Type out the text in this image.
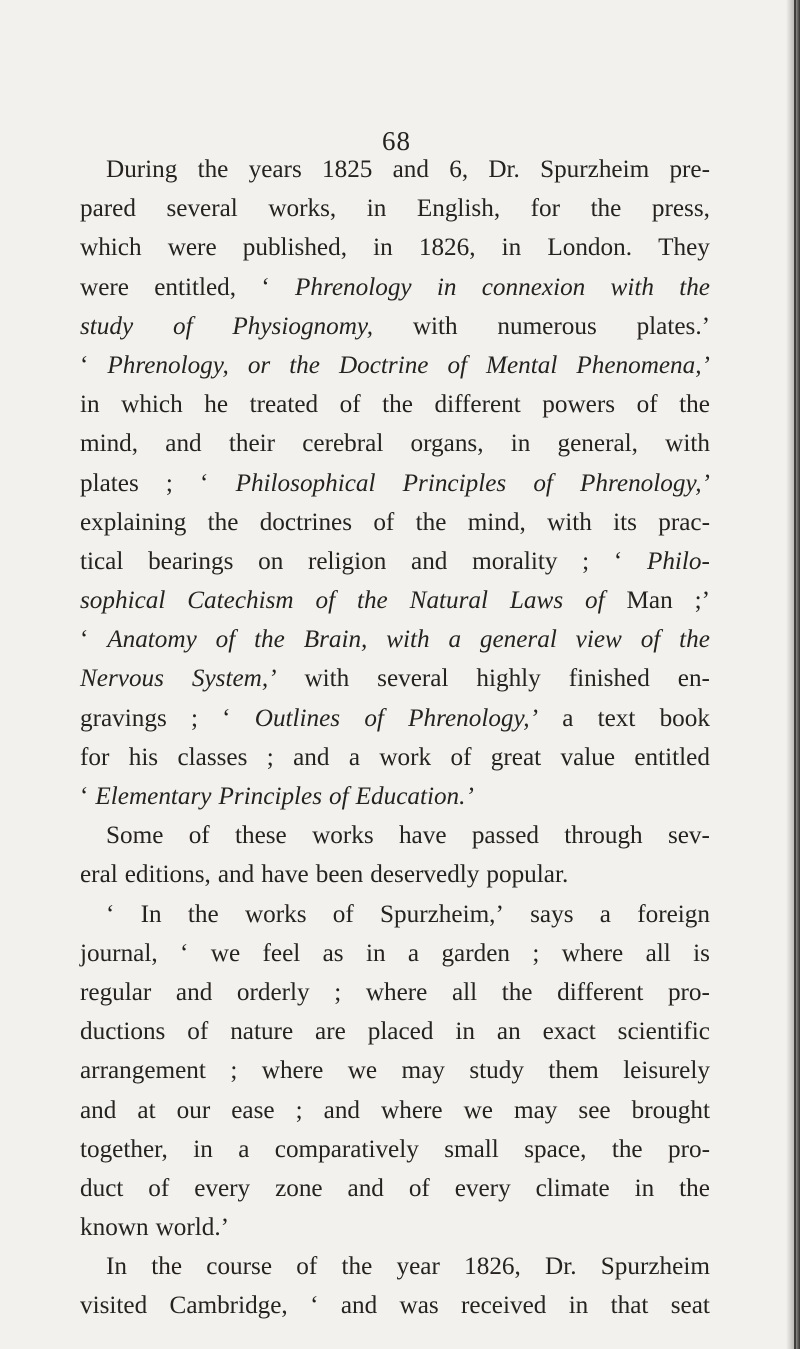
68
During the years 1825 and 6, Dr. Spurzheim pre-
pared several works, in English, for the press,
which were published, in 1826, in London. They
were entitled, ‘ Phrenology in connexion with the
study of Physiognomy, with numerous plates.’
‘ Phrenology, or the Doctrine of Mental Phenomena,’
in which he treated of the different powers of the
mind, and their cerebral organs, in general, with
plates ; ‘ Philosophical Principles of Phrenology,’
explaining the doctrines of the mind, with its prac-
tical bearings on religion and morality ; ‘ Philo-
sophical Catechism of the Natural Laws of Man ;’
‘ Anatomy of the Brain, with a general view of the
Nervous System,’ with several highly finished en-
gravings ; ‘ Outlines of Phrenology,’ a text book
for his classes ; and a work of great value entitled
‘ Elementary Principles of Education.’
Some of these works have passed through sev-
eral editions, and have been deservedly popular.
‘ In the works of Spurzheim,’ says a foreign
journal, ‘ we feel as in a garden ; where all is
regular and orderly ; where all the different pro-
ductions of nature are placed in an exact scientific
arrangement ; where we may study them leisurely
and at our ease ; and where we may see brought
together, in a comparatively small space, the pro-
duct of every zone and of every climate in the
known world.’
In the course of the year 1826, Dr. Spurzheim
visited Cambridge, ‘ and was received in that seat
